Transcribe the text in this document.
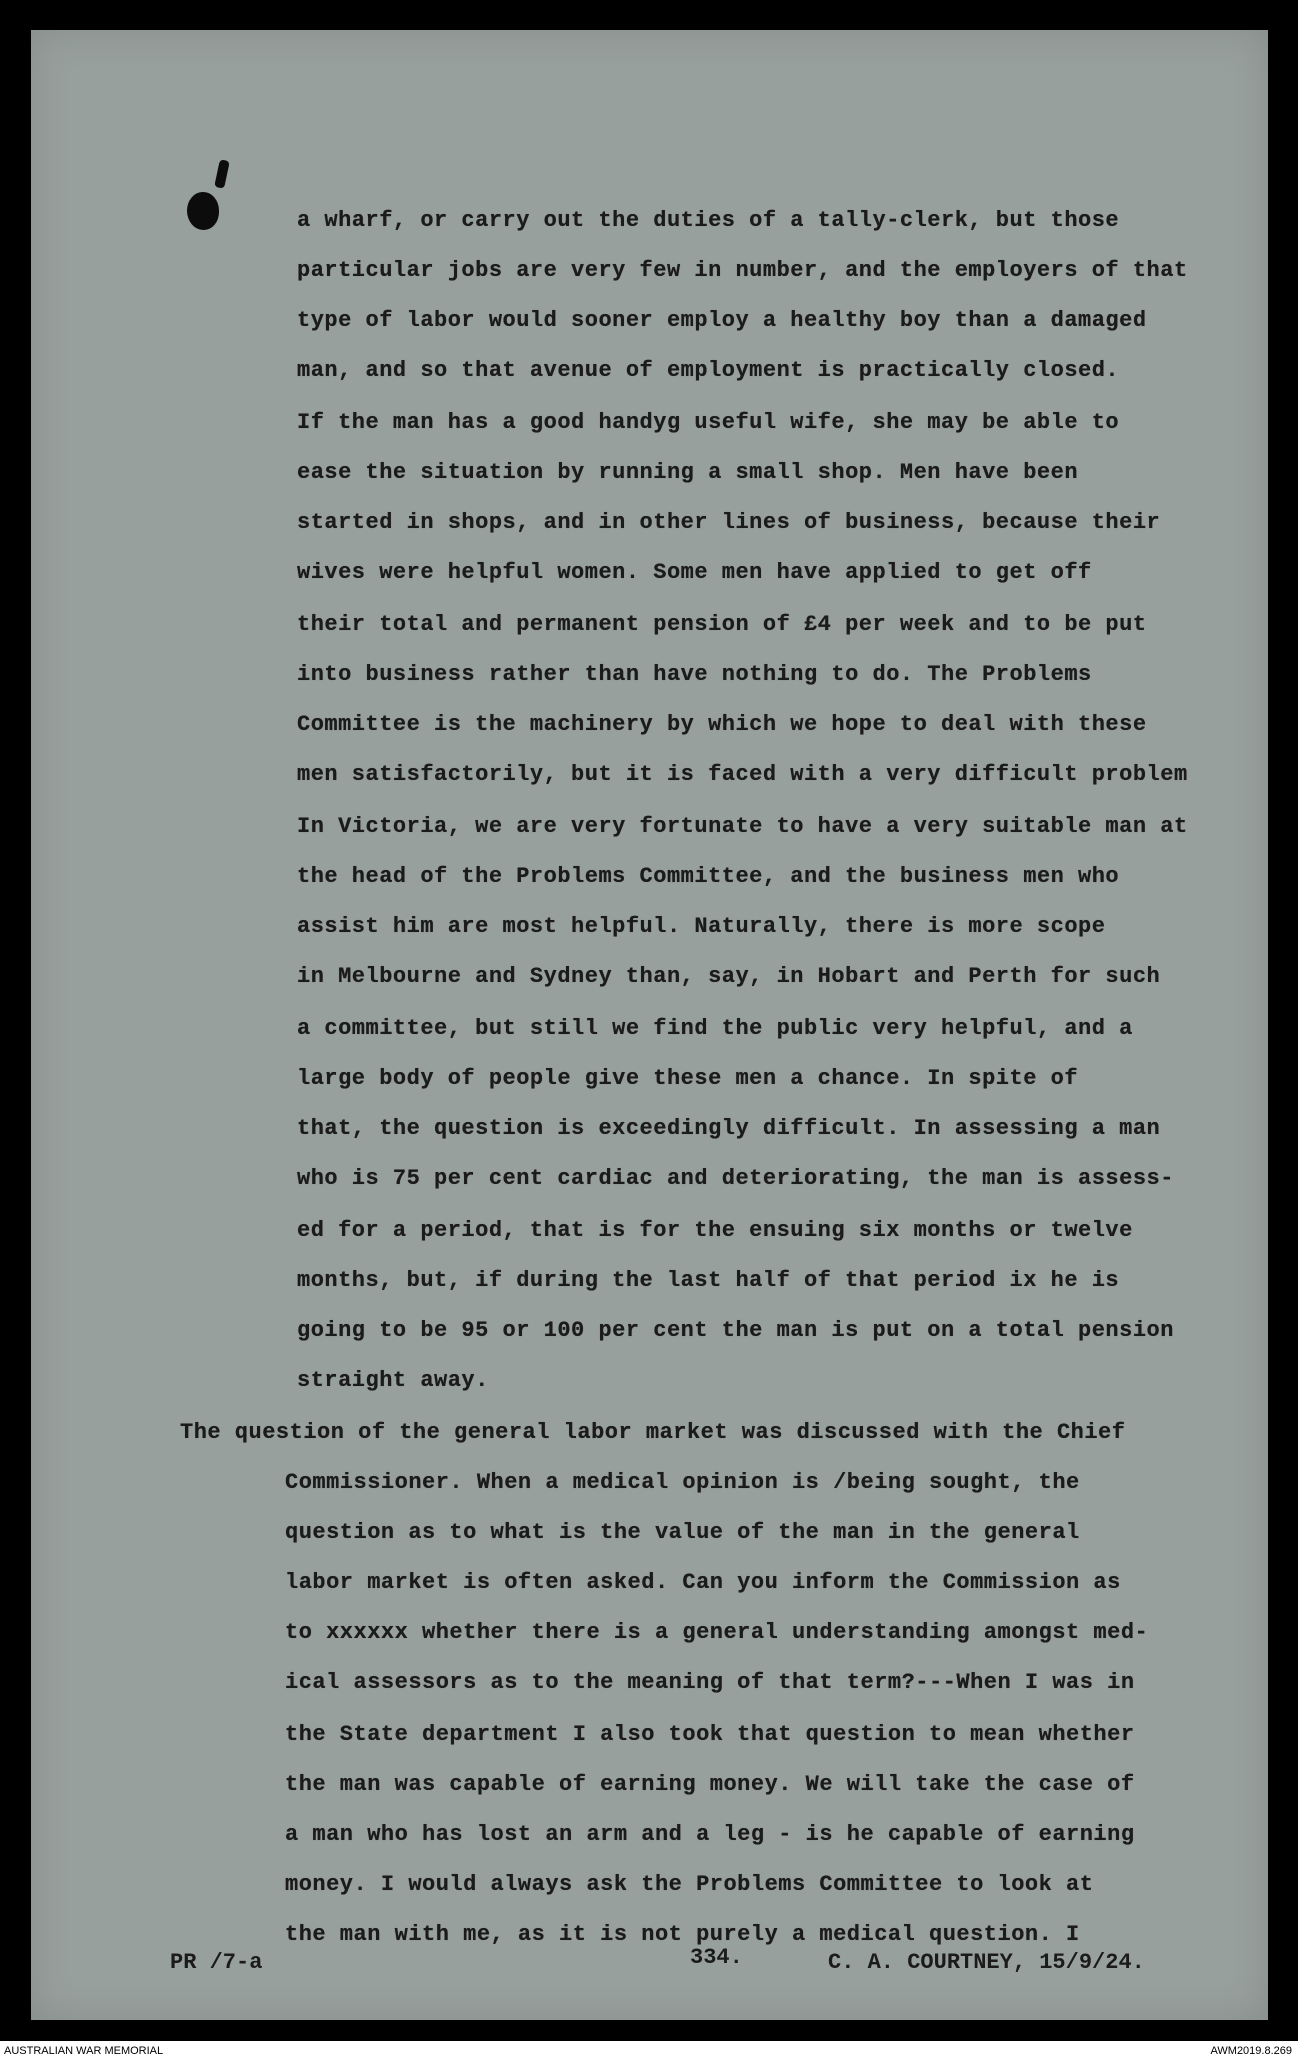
a wharf, or carry out the duties of a tally-clerk, but those
particular jobs are very few in number, and the employers of that
type of labor would sooner employ a healthy boy than a damaged
man, and so that avenue of employment is practically closed.
If the man has a good handyg useful wife, she may be able to
ease the situation by running a small shop. Men have been
started in shops, and in other lines of business, because their
wives were helpful women. Some men have applied to get off
their total and permanent pension of £4 per week and to be put
into business rather than have nothing to do. The Problems
Committee is the machinery by which we hope to deal with these
men satisfactorily, but it is faced with a very difficult problem
In Victoria, we are very fortunate to have a very suitable man at
the head of the Problems Committee, and the business men who
assist him are most helpful. Naturally, there is more scope
in Melbourne and Sydney than, say, in Hobart and Perth for such
a committee, but still we find the public very helpful, and a
large body of people give these men a chance. In spite of
that, the question is exceedingly difficult. In assessing a man
who is 75 per cent cardiac and deteriorating, the man is assess-
ed for a period, that is for the ensuing six months or twelve
months, but, if during the last half of that period ix he is
going to be 95 or 100 per cent the man is put on a total pension
straight away.
The question of the general labor market was discussed with the Chief
Commissioner. When a medical opinion is /being sought, the
question as to what is the value of the man in the general
labor market is often asked. Can you inform the Commission as
to xxxxxx whether there is a general understanding amongst med-
ical assessors as to the meaning of that term?---When I was in
the State department I also took that question to mean whether
the man was capable of earning money. We will take the case of
a man who has lost an arm and a leg - is he capable of earning
money. I would always ask the Problems Committee to look at
the man with me, as it is not purely a medical question. I
PR /7-a	334.	C. A. COURTNEY, 15/9/24.
AUSTRALIAN WAR MEMORIAL	AWM2019.8.269
